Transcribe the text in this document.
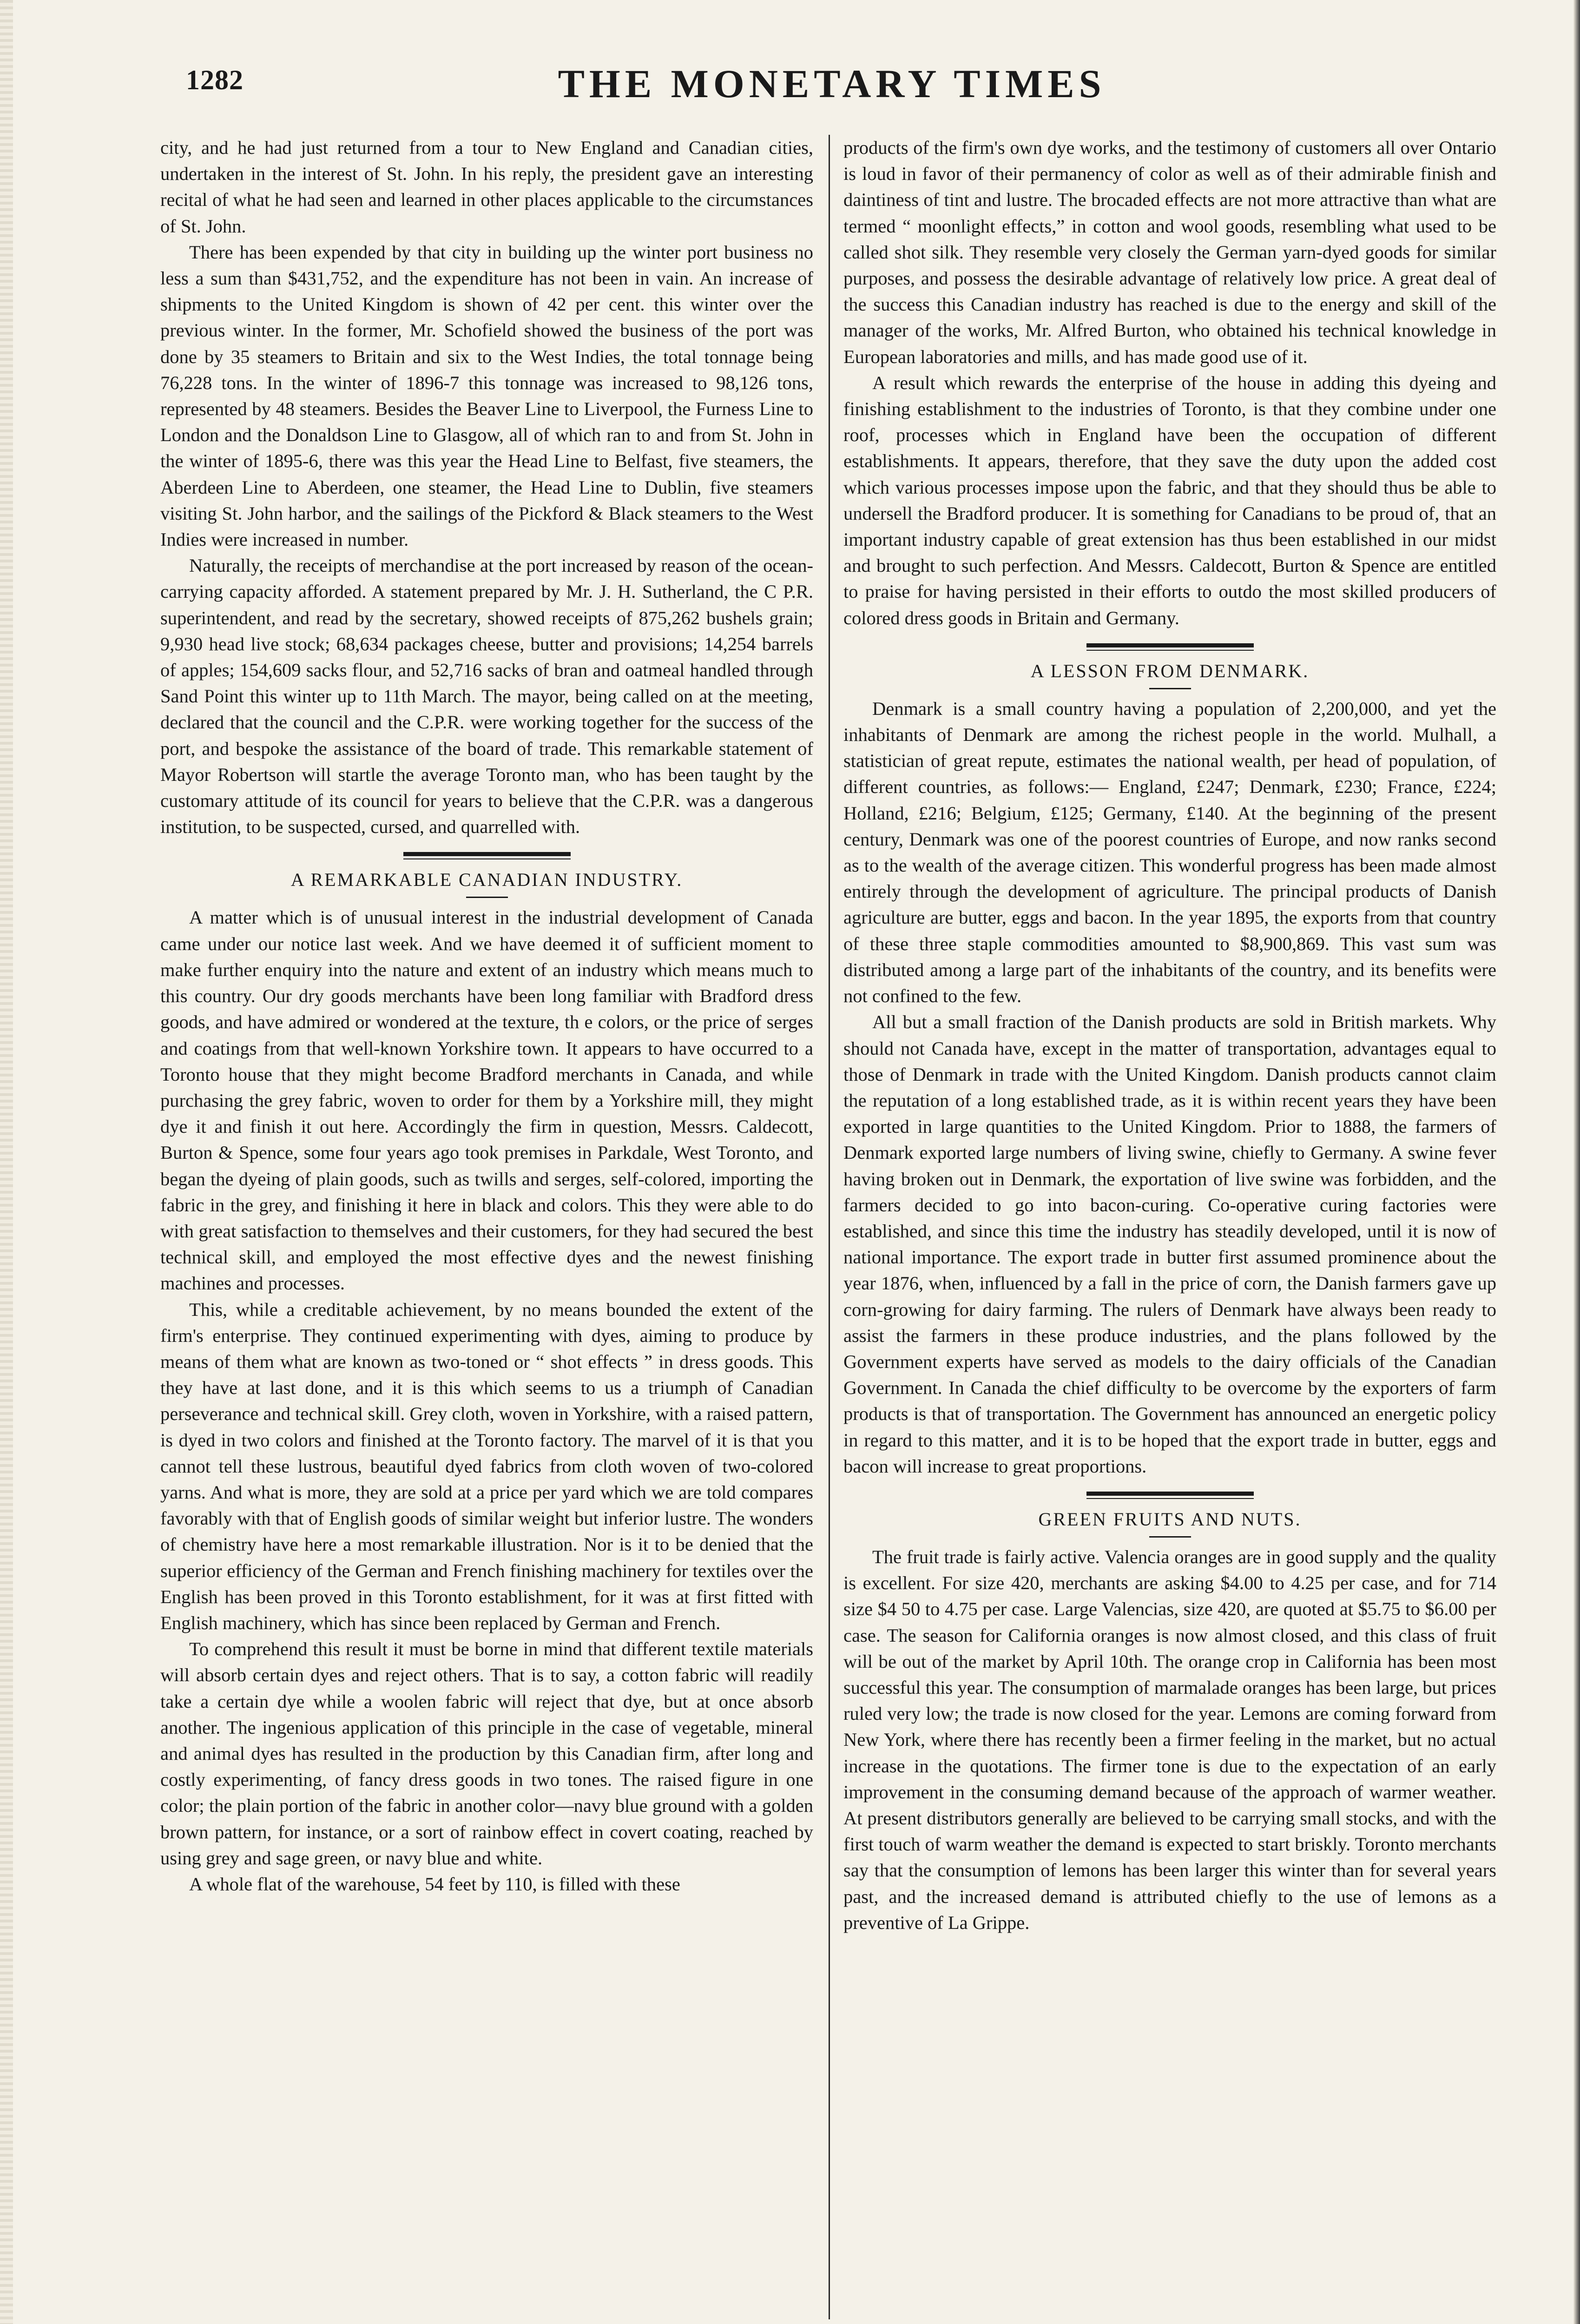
1282	THE MONETARY TIMES

city, and he had just returned from a tour to New England and Canadian cities, undertaken in the interest of St. John. In his reply, the president gave an interesting recital of what he had seen and learned in other places applicable to the circumstances of St. John.

There has been expended by that city in building up the winter port business no less a sum than $431,752, and the expenditure has not been in vain. An increase of shipments to the United Kingdom is shown of 42 per cent. this winter over the previous winter. In the former, Mr. Schofield showed the business of the port was done by 35 steamers to Britain and six to the West Indies, the total tonnage being 76,228 tons. In the winter of 1896-7 this tonnage was increased to 98,126 tons, represented by 48 steamers. Besides the Beaver Line to Liverpool, the Furness Line to London and the Donaldson Line to Glasgow, all of which ran to and from St. John in the winter of 1895-6, there was this year the Head Line to Belfast, five steamers, the Aberdeen Line to Aberdeen, one steamer, the Head Line to Dublin, five steamers visiting St. John harbor, and the sailings of the Pickford & Black steamers to the West Indies were increased in number.

Naturally, the receipts of merchandise at the port increased by reason of the ocean-carrying capacity afforded. A statement prepared by Mr. J. H. Sutherland, the C P.R. superintendent, and read by the secretary, showed receipts of 875,262 bushels grain; 9,930 head live stock; 68,634 packages cheese, butter and provisions; 14,254 barrels of apples; 154,609 sacks flour, and 52,716 sacks of bran and oatmeal handled through Sand Point this winter up to 11th March. The mayor, being called on at the meeting, declared that the council and the C.P.R. were working together for the success of the port, and bespoke the assistance of the board of trade. This remarkable statement of Mayor Robertson will startle the average Toronto man, who has been taught by the customary attitude of its council for years to believe that the C.P.R. was a dangerous institution, to be suspected, cursed, and quarrelled with.

A REMARKABLE CANADIAN INDUSTRY.

A matter which is of unusual interest in the industrial development of Canada came under our notice last week. And we have deemed it of sufficient moment to make further enquiry into the nature and extent of an industry which means much to this country. Our dry goods merchants have been long familiar with Bradford dress goods, and have admired or wondered at the texture, th e colors, or the price of serges and coatings from that well-known Yorkshire town. It appears to have occurred to a Toronto house that they might become Bradford merchants in Canada, and while purchasing the grey fabric, woven to order for them by a Yorkshire mill, they might dye it and finish it out here. Accordingly the firm in question, Messrs. Caldecott, Burton & Spence, some four years ago took premises in Parkdale, West Toronto, and began the dyeing of plain goods, such as twills and serges, self-colored, importing the fabric in the grey, and finishing it here in black and colors. This they were able to do with great satisfaction to themselves and their customers, for they had secured the best technical skill, and employed the most effective dyes and the newest finishing machines and processes.

This, while a creditable achievement, by no means bounded the extent of the firm's enterprise. They continued experimenting with dyes, aiming to produce by means of them what are known as two-toned or “ shot effects ” in dress goods. This they have at last done, and it is this which seems to us a triumph of Canadian perseverance and technical skill. Grey cloth, woven in Yorkshire, with a raised pattern, is dyed in two colors and finished at the Toronto factory. The marvel of it is that you cannot tell these lustrous, beautiful dyed fabrics from cloth woven of two-colored yarns. And what is more, they are sold at a price per yard which we are told compares favorably with that of English goods of similar weight but inferior lustre. The wonders of chemistry have here a most remarkable illustration. Nor is it to be denied that the superior efficiency of the German and French finishing machinery for textiles over the English has been proved in this Toronto establishment, for it was at first fitted with English machinery, which has since been replaced by German and French.

To comprehend this result it must be borne in mind that different textile materials will absorb certain dyes and reject others. That is to say, a cotton fabric will readily take a certain dye while a woolen fabric will reject that dye, but at once absorb another. The ingenious application of this principle in the case of vegetable, mineral and animal dyes has resulted in the production by this Canadian firm, after long and costly experimenting, of fancy dress goods in two tones. The raised figure in one color; the plain portion of the fabric in another color—navy blue ground with a golden brown pattern, for instance, or a sort of rainbow effect in covert coating, reached by using grey and sage green, or navy blue and white.

A whole flat of the warehouse, 54 feet by 110, is filled with these

products of the firm's own dye works, and the testimony of customers all over Ontario is loud in favor of their permanency of color as well as of their admirable finish and daintiness of tint and lustre. The brocaded effects are not more attractive than what are termed “ moonlight effects,” in cotton and wool goods, resembling what used to be called shot silk. They resemble very closely the German yarn-dyed goods for similar purposes, and possess the desirable advantage of relatively low price. A great deal of the success this Canadian industry has reached is due to the energy and skill of the manager of the works, Mr. Alfred Burton, who obtained his technical knowledge in European laboratories and mills, and has made good use of it.

A result which rewards the enterprise of the house in adding this dyeing and finishing establishment to the industries of Toronto, is that they combine under one roof, processes which in England have been the occupation of different establishments. It appears, therefore, that they save the duty upon the added cost which various processes impose upon the fabric, and that they should thus be able to undersell the Bradford producer. It is something for Canadians to be proud of, that an important industry capable of great extension has thus been established in our midst and brought to such perfection. And Messrs. Caldecott, Burton & Spence are entitled to praise for having persisted in their efforts to outdo the most skilled producers of colored dress goods in Britain and Germany.

A LESSON FROM DENMARK.

Denmark is a small country having a population of 2,200,000, and yet the inhabitants of Denmark are among the richest people in the world. Mulhall, a statistician of great repute, estimates the national wealth, per head of population, of different countries, as follows:— England, £247; Denmark, £230; France, £224; Holland, £216; Belgium, £125; Germany, £140. At the beginning of the present century, Denmark was one of the poorest countries of Europe, and now ranks second as to the wealth of the average citizen. This wonderful progress has been made almost entirely through the development of agriculture. The principal products of Danish agriculture are butter, eggs and bacon. In the year 1895, the exports from that country of these three staple commodities amounted to $8,900,869. This vast sum was distributed among a large part of the inhabitants of the country, and its benefits were not confined to the few.

All but a small fraction of the Danish products are sold in British markets. Why should not Canada have, except in the matter of transportation, advantages equal to those of Denmark in trade with the United Kingdom. Danish products cannot claim the reputation of a long established trade, as it is within recent years they have been exported in large quantities to the United Kingdom. Prior to 1888, the farmers of Denmark exported large numbers of living swine, chiefly to Germany. A swine fever having broken out in Denmark, the exportation of live swine was forbidden, and the farmers decided to go into bacon-curing. Co-operative curing factories were established, and since this time the industry has steadily developed, until it is now of national importance. The export trade in butter first assumed prominence about the year 1876, when, influenced by a fall in the price of corn, the Danish farmers gave up corn-growing for dairy farming. The rulers of Denmark have always been ready to assist the farmers in these produce industries, and the plans followed by the Government experts have served as models to the dairy officials of the Canadian Government. In Canada the chief difficulty to be overcome by the exporters of farm products is that of transportation. The Government has announced an energetic policy in regard to this matter, and it is to be hoped that the export trade in butter, eggs and bacon will increase to great proportions.

GREEN FRUITS AND NUTS.

The fruit trade is fairly active. Valencia oranges are in good supply and the quality is excellent. For size 420, merchants are asking $4.00 to 4.25 per case, and for 714 size $4 50 to 4.75 per case. Large Valencias, size 420, are quoted at $5.75 to $6.00 per case. The season for California oranges is now almost closed, and this class of fruit will be out of the market by April 10th. The orange crop in California has been most successful this year. The consumption of marmalade oranges has been large, but prices ruled very low; the trade is now closed for the year. Lemons are coming forward from New York, where there has recently been a firmer feeling in the market, but no actual increase in the quotations. The firmer tone is due to the expectation of an early improvement in the consuming demand because of the approach of warmer weather. At present distributors generally are believed to be carrying small stocks, and with the first touch of warm weather the demand is expected to start briskly. Toronto merchants say that the consumption of lemons has been larger this winter than for several years past, and the increased demand is attributed chiefly to the use of lemons as a preventive of La Grippe.
